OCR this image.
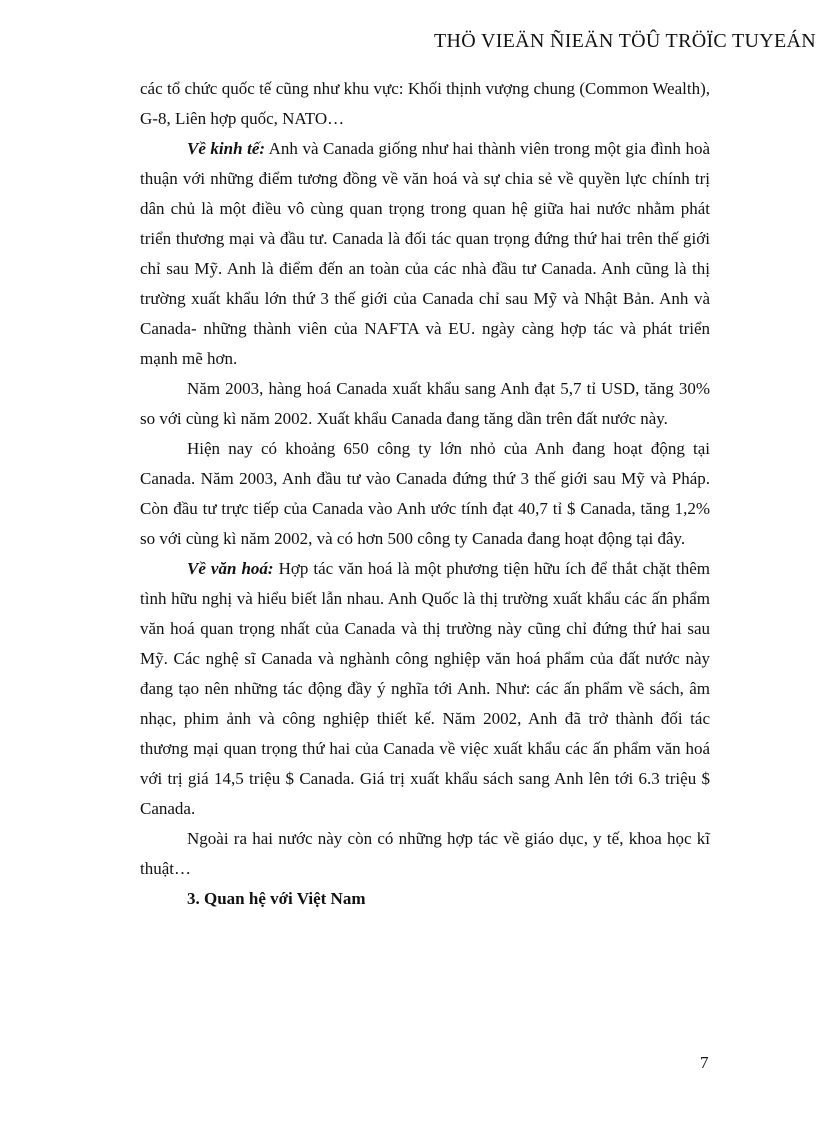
THÖ VIEÄN ÑIEÄN TÖÛ TRÖÏC TUYEÁN

các tổ chức quốc tế cũng như khu vực: Khối thịnh vượng chung (Common Wealth), G-8, Liên hợp quốc, NATO…

Về kinh tế: Anh và Canada giống như hai thành viên trong một gia đình hoà thuận với những điểm tương đồng về văn hoá và sự chia sẻ về quyền lực chính trị dân chủ là một điều vô cùng quan trọng trong quan hệ giữa hai nước nhằm phát triển thương mại và đầu tư. Canada là đối tác quan trọng đứng thứ hai trên thế giới chỉ sau Mỹ. Anh là điểm đến an toàn của các nhà đầu tư Canada. Anh cũng là thị trường xuất khẩu lớn thứ 3 thế giới của Canada chỉ sau Mỹ và Nhật Bản. Anh và Canada- những thành viên của NAFTA và EU. ngày càng hợp tác và phát triển mạnh mẽ hơn.

Năm 2003, hàng hoá Canada xuất khẩu sang Anh đạt 5,7 tỉ USD, tăng 30% so với cùng kì năm 2002. Xuất khẩu Canada đang tăng dần trên đất nước này.

Hiện nay có khoảng 650 công ty lớn nhỏ của Anh đang hoạt động tại Canada. Năm 2003, Anh đầu tư vào Canada đứng thứ 3 thế giới sau Mỹ và Pháp. Còn đầu tư trực tiếp của Canada vào Anh ước tính đạt 40,7 tỉ $ Canada, tăng 1,2% so với cùng kì năm 2002, và có hơn 500 công ty Canada đang hoạt động tại đây.

Về văn hoá: Hợp tác văn hoá là một phương tiện hữu ích để thắt chặt thêm tình hữu nghị và hiểu biết lẫn nhau. Anh Quốc là thị trường xuất khẩu các ấn phẩm văn hoá quan trọng nhất của Canada và thị trường này cũng chỉ đứng thứ hai sau Mỹ. Các nghệ sĩ Canada và nghành công nghiệp văn hoá phẩm của đất nước này đang tạo nên những tác động đầy ý nghĩa tới Anh. Như: các ấn phẩm về sách, âm nhạc, phim ảnh và công nghiệp thiết kế. Năm 2002, Anh đã trở thành đối tác thương mại quan trọng thứ hai của Canada về việc xuất khẩu các ấn phẩm văn hoá với trị giá 14,5 triệu $ Canada. Giá trị xuất khẩu sách sang Anh lên tới 6.3 triệu $ Canada.

Ngoài ra hai nước này còn có những hợp tác về giáo dục, y tế, khoa học kĩ thuật…

3. Quan hệ với Việt Nam

7
